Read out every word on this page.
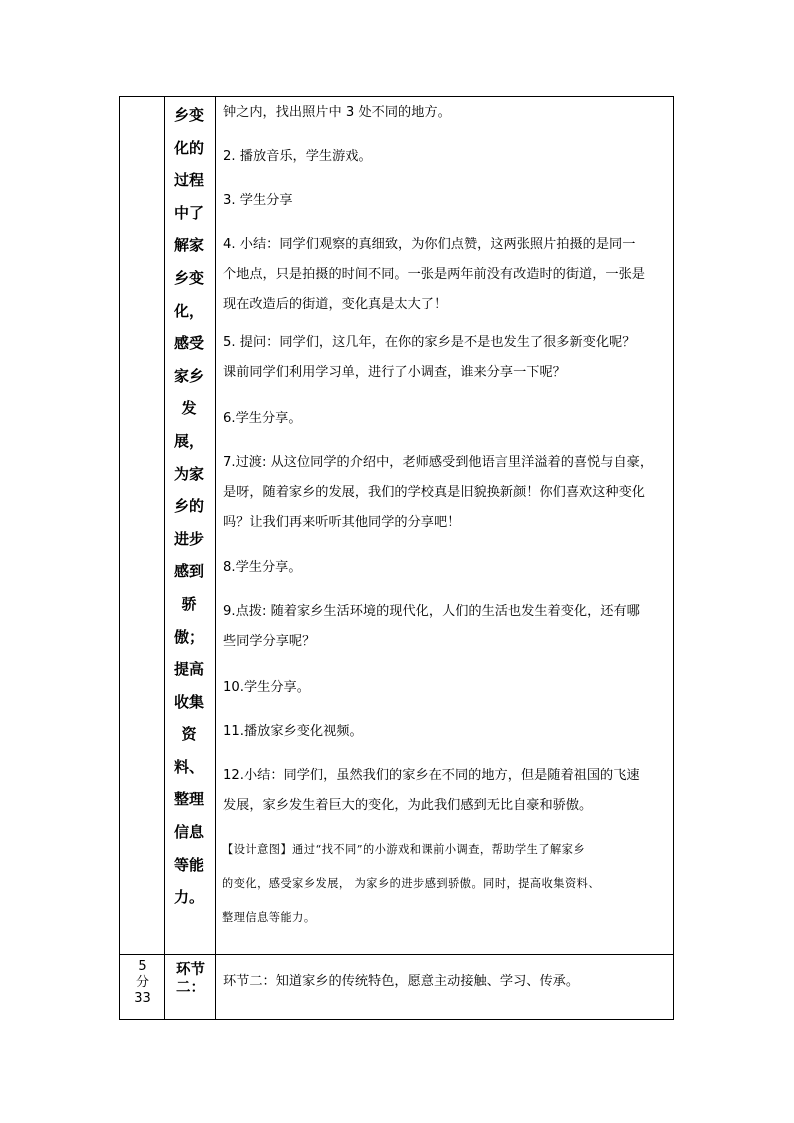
乡变
化的
过程
中了
解家
乡变
化，
感受
家乡
发
展，
为家
乡的
进步
感到
骄
傲；
提高
收集
资
料、
整理
信息
等能
力。
钟之内，找出照片中 3 处不同的地方。
2. 播放音乐，学生游戏。
3. 学生分享
4. 小结：同学们观察的真细致，为你们点赞，这两张照片拍摄的是同一
个地点，只是拍摄的时间不同。一张是两年前没有改造时的街道，一张是
现在改造后的街道，变化真是太大了！
5. 提问：同学们，这几年，在你的家乡是不是也发生了很多新变化呢？
课前同学们利用学习单，进行了小调查，谁来分享一下呢？
6.学生分享。
7.过渡: 从这位同学的介绍中，老师感受到他语言里洋溢着的喜悦与自豪，
是呀，随着家乡的发展，我们的学校真是旧貌换新颜！你们喜欢这种变化
吗？让我们再来听听其他同学的分享吧！
8.学生分享。
9.点拨: 随着家乡生活环境的现代化，人们的生活也发生着变化，还有哪
些同学分享呢？
10.学生分享。
11.播放家乡变化视频。
12.小结：同学们，虽然我们的家乡在不同的地方，但是随着祖国的飞速
发展，家乡发生着巨大的变化，为此我们感到无比自豪和骄傲。
【设计意图】通过“找不同”的小游戏和课前小调查，帮助学生了解家乡
的变化，感受家乡发展， 为家乡的进步感到骄傲。同时，提高收集资料、
整理信息等能力。
5
分
33
环节
二：	环节二：知道家乡的传统特色，愿意主动接触、学习、传承。
